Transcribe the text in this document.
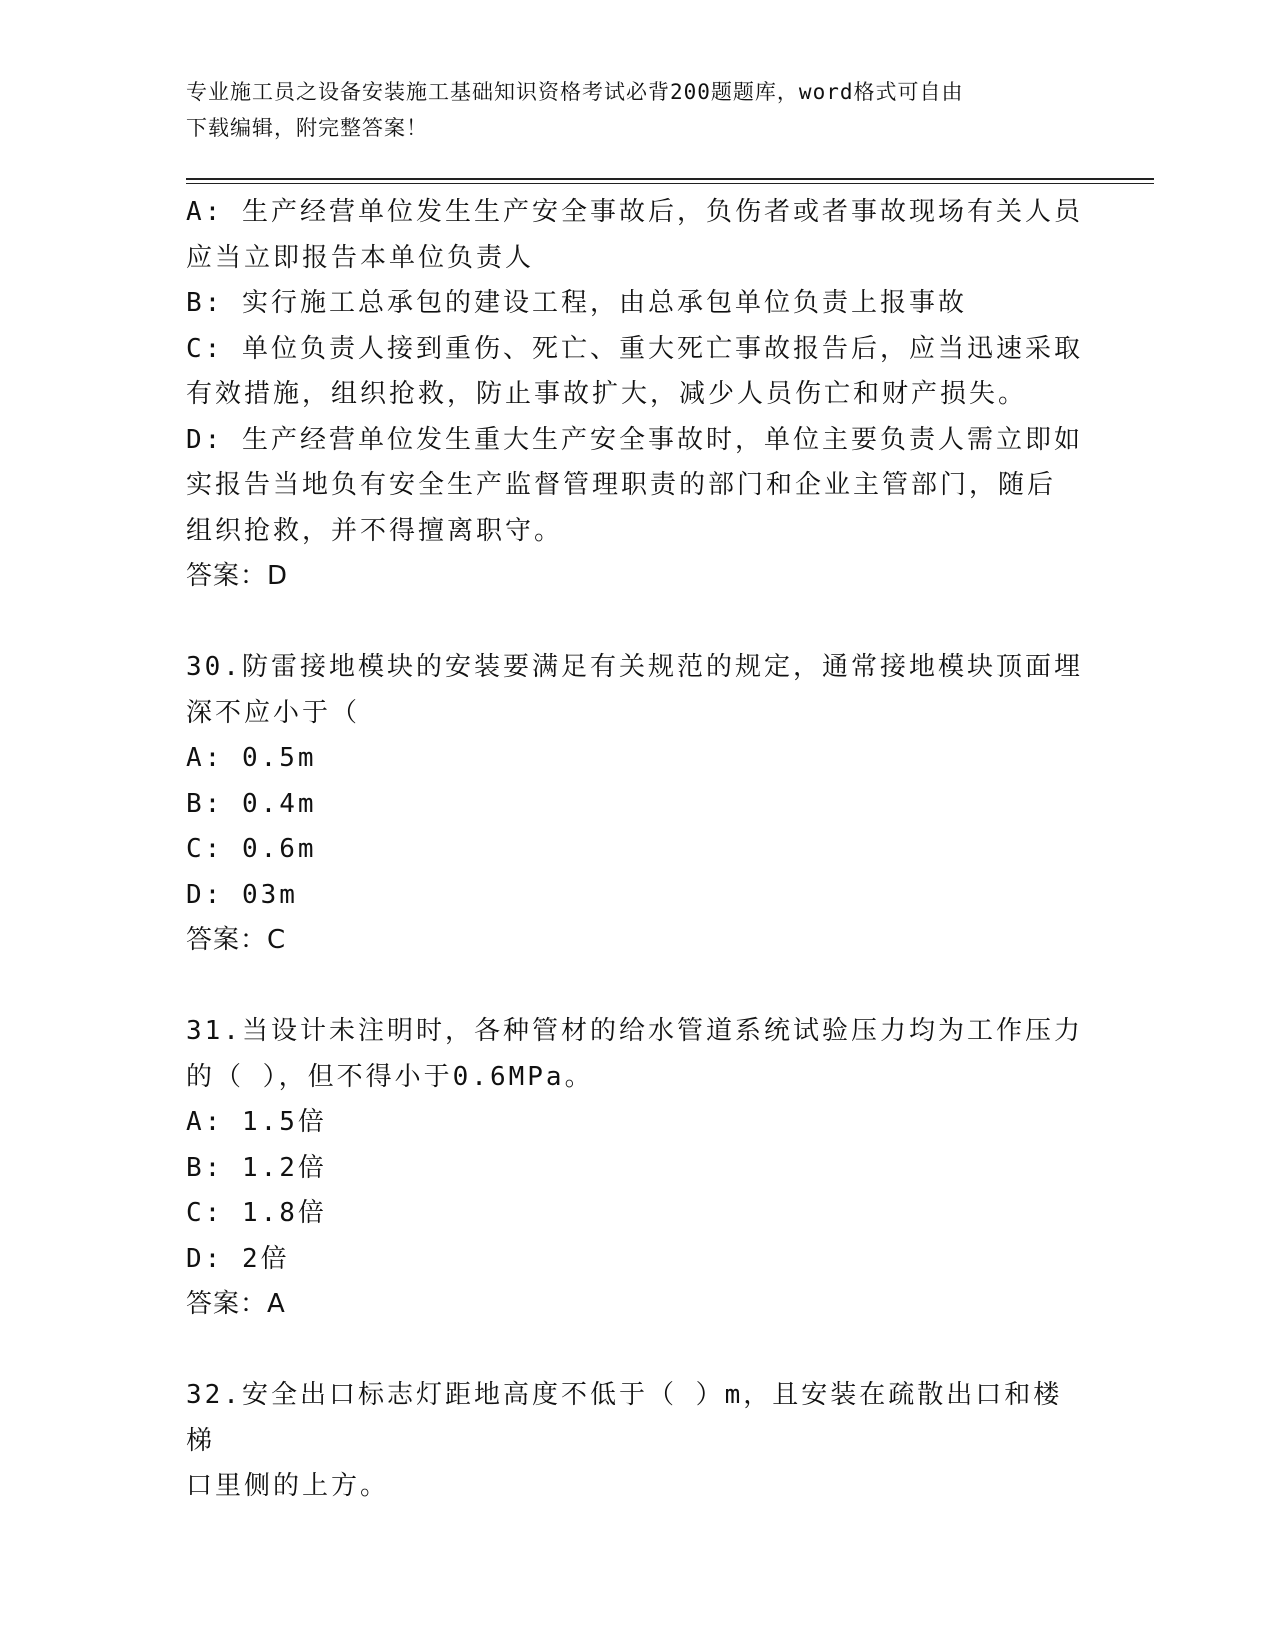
专业施工员之设备安装施工基础知识资格考试必背200题题库，word格式可自由
下载编辑，附完整答案！

A: 生产经营单位发生生产安全事故后，负伤者或者事故现场有关人员

应当立即报告本单位负责人

B: 实行施工总承包的建设工程，由总承包单位负责上报事故

C: 单位负责人接到重伤、死亡、重大死亡事故报告后，应当迅速采取

有效措施，组织抢救，防止事故扩大，减少人员伤亡和财产损失。

D: 生产经营单位发生重大生产安全事故时，单位主要负责人需立即如

实报告当地负有安全生产监督管理职责的部门和企业主管部门，随后

组织抢救，并不得擅离职守。

答案：D

30.防雷接地模块的安装要满足有关规范的规定，通常接地模块顶面埋

深不应小于（

A: 0.5m

B: 0.4m

C: 0.6m

D: 03m

答案：C

31.当设计未注明时，各种管材的给水管道系统试验压力均为工作压力

的（ ），但不得小于0.6MPa。

A: 1.5倍

B: 1.2倍

C: 1.8倍

D: 2倍

答案：A

32.安全出口标志灯距地高度不低于（ ）m，且安装在疏散出口和楼梯

口里侧的上方。
